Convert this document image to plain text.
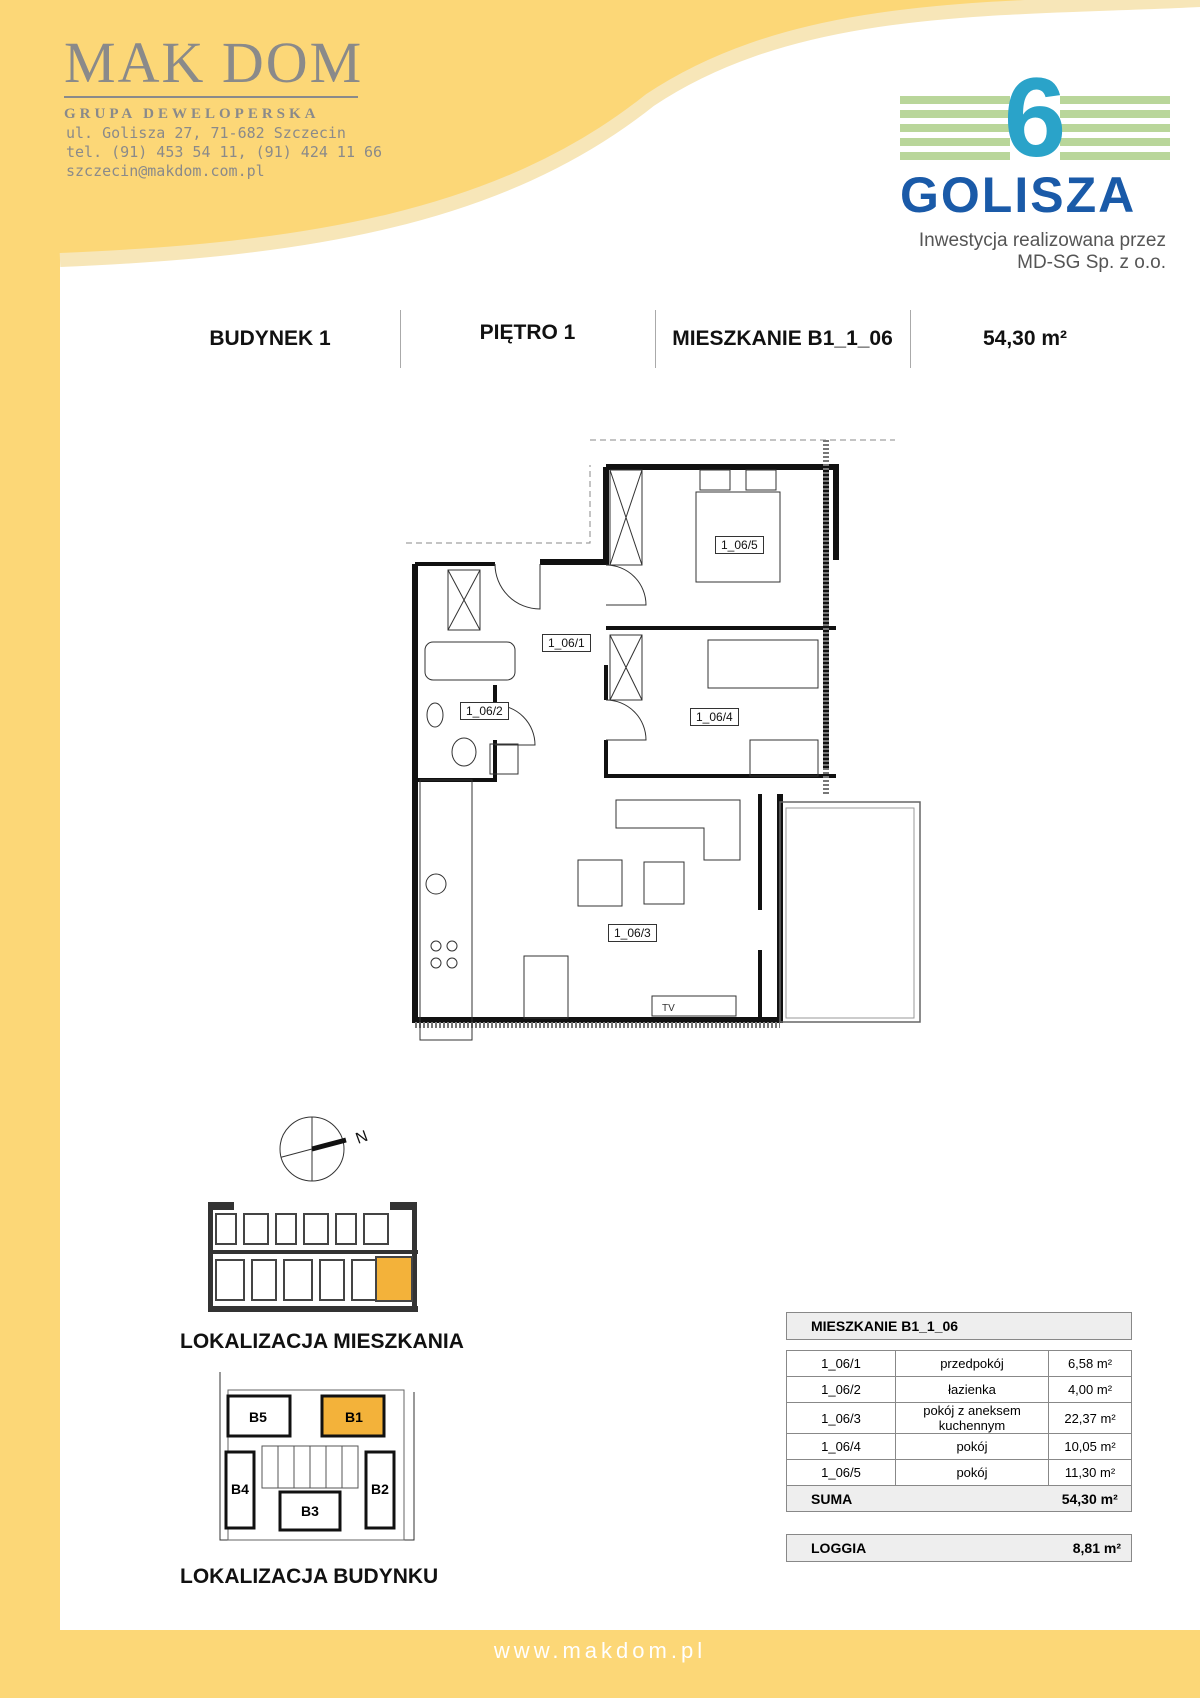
MAK DOM
GRUPA DEWELOPERSKA
ul. Golisza 27, 71-682 Szczecin
tel. (91) 453 54 11, (91) 424 11 66
szczecin@makdom.com.pl	6
GOLISZA
Inwestycja realizowana przez
MD-SG Sp. z o.o.
BUDYNEK 1	PIĘTRO 1	MIESZKANIE B1_1_06	54,30 m²
TV
1_06/5
1_06/1
1_06/2	1_06/4
1_06/3
N
LOKALIZACJA MIESZKANIA
B5	B1
B4	B2
B3
LOKALIZACJA BUDYNKU
MIESZKANIE B1_1_06
1_06/1	przedpokój	6,58 m²
1_06/2	łazienka	4,00 m²
1_06/3	pokój z aneksem kuchennym	22,37 m²
1_06/4	pokój	10,05 m²
1_06/5	pokój	11,30 m²
SUMA		54,30 m²
LOGGIA	8,81 m²
www.makdom.pl
